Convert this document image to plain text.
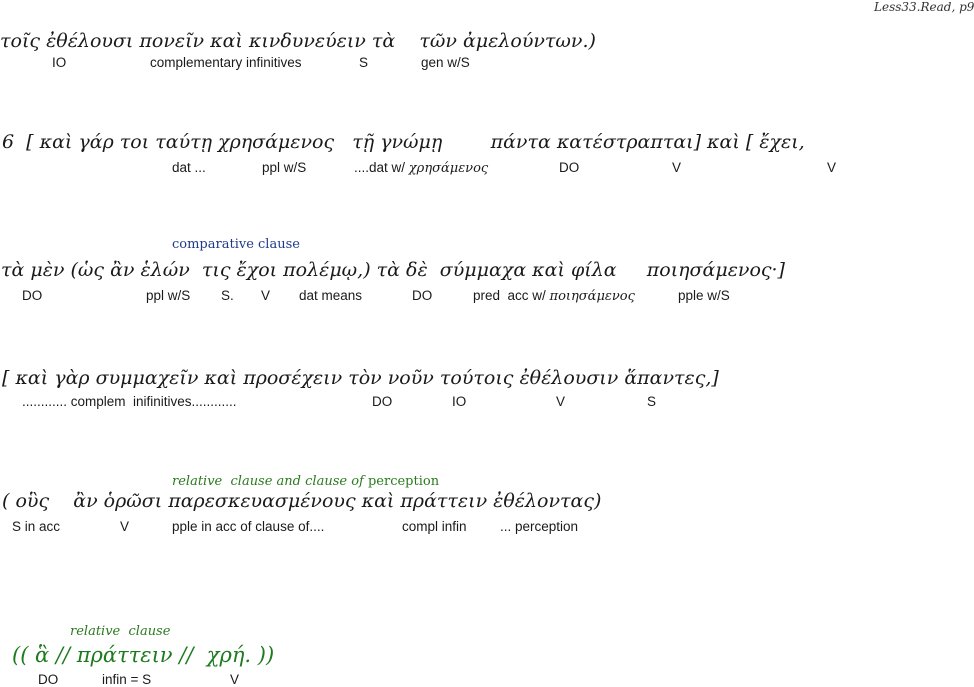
Less33.Read, p9
τοῖς ἐθέλουσι πονεῖν καὶ κινδυνεύειν τὰ    τῶν ἀμελούντων.)
IO	complementary infinitives	S	gen w/S
6  [ καὶ γάρ τοι ταύτῃ χρησάμενος   τῇ γνώμῃ        πάντα κατέστραπται] καὶ [ ἔχει,
dat ...	ppl w/S	....dat w/ χρησάμενος	DO	V	V
comparative clause
τὰ μὲν (ὡς ἂν ἑλών  τις ἔχοι πολέμῳ,) τὰ δὲ  σύμμαχα καὶ φίλα     ποιησάμενος·]
DO	ppl w/S S. V dat means	DO	pred  acc w/ ποιησάμενος	pple w/S
[ καὶ γὰρ συμμαχεῖν καὶ προσέχειν τὸν νοῦν τούτοις ἐθέλουσιν ἅπαντες,]
............ complem  inifinitives............	DO	IO	V	S
relative  clause and clause of perception
( οὓς    ἂν ὁρῶσι παρεσκευασμένους καὶ πράττειν ἐθέλοντας)
S in acc	V	pple in acc of clause of....	compl infin ... perception
relative  clause
(( ἃ // πράττειν //  χρή. ))
DO	infin = S	V
